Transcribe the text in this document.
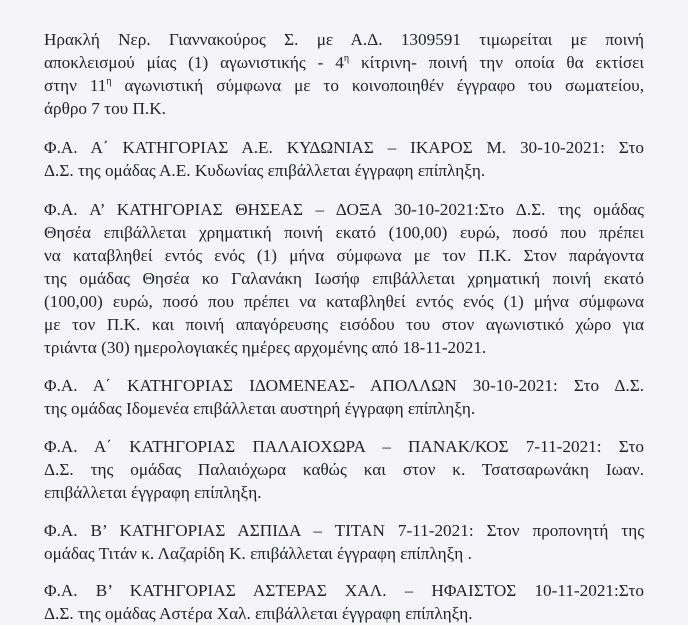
Ηρακλή Νερ. Γιαννακούρος Σ. με Α.Δ. 1309591 τιμωρείται με ποινή
αποκλεισμού μίας (1) αγωνιστικής - $4^\eta$ κίτρινη- ποινή την οποία θα εκτίσει
στην $11^\eta$ αγωνιστική σύμφωνα με το κοινοποιηθέν έγγραφο του σωματείου,
άρθρο 7 του Π.Κ.
Φ.Α. Α΄ ΚΑΤΗΓΟΡΙΑΣ Α.Ε. ΚΥΔΩΝΙΑΣ – ΙΚΑΡΟΣ Μ. 30-10-2021: Στο
Δ.Σ. της ομάδας Α.Ε. Κυδωνίας επιβάλλεται έγγραφη επίπληξη.
Φ.Α. Α’ ΚΑΤΗΓΟΡΙΑΣ ΘΗΣΕΑΣ – ΔΟΞΑ 30-10-2021:Στο Δ.Σ. της ομάδας
Θησέα επιβάλλεται χρηματική ποινή εκατό (100,00) ευρώ, ποσό που πρέπει
να καταβληθεί εντός ενός (1) μήνα σύμφωνα με τον Π.Κ. Στον παράγοντα
της ομάδας Θησέα κο Γαλανάκη Ιωσήφ επιβάλλεται χρηματική ποινή εκατό
(100,00) ευρώ, ποσό που πρέπει να καταβληθεί εντός ενός (1) μήνα σύμφωνα
με τον Π.Κ. και ποινή απαγόρευσης εισόδου του στον αγωνιστικό χώρο για
τριάντα (30) ημερολογιακές ημέρες αρχομένης από 18-11-2021.
Φ.Α. Α΄ ΚΑΤΗΓΟΡΙΑΣ ΙΔΟΜΕΝΕΑΣ- ΑΠΟΛΛΩΝ 30-10-2021: Στο Δ.Σ.
της ομάδας Ιδομενέα επιβάλλεται αυστηρή έγγραφη επίπληξη.
Φ.Α. Α΄ ΚΑΤΗΓΟΡΙΑΣ ΠΑΛΑΙΟΧΩΡΑ – ΠΑΝΑΚ/ΚΟΣ 7-11-2021: Στο
Δ.Σ. της ομάδας Παλαιόχωρα καθώς και στον κ. Τσατσαρωνάκη Ιωαν.
επιβάλλεται έγγραφη επίπληξη.
Φ.Α. Β’ ΚΑΤΗΓΟΡΙΑΣ ΑΣΠΙΔΑ – ΤΙΤΑΝ 7-11-2021: Στον προπονητή της
ομάδας Τιτάν κ. Λαζαρίδη Κ. επιβάλλεται έγγραφη επίπληξη .
Φ.Α. Β’ ΚΑΤΗΓΟΡΙΑΣ ΑΣΤΕΡΑΣ ΧΑΛ. – ΗΦΑΙΣΤΟΣ 10-11-2021:Στο
Δ.Σ. της ομάδας Αστέρα Χαλ. επιβάλλεται έγγραφη επίπληξη.
